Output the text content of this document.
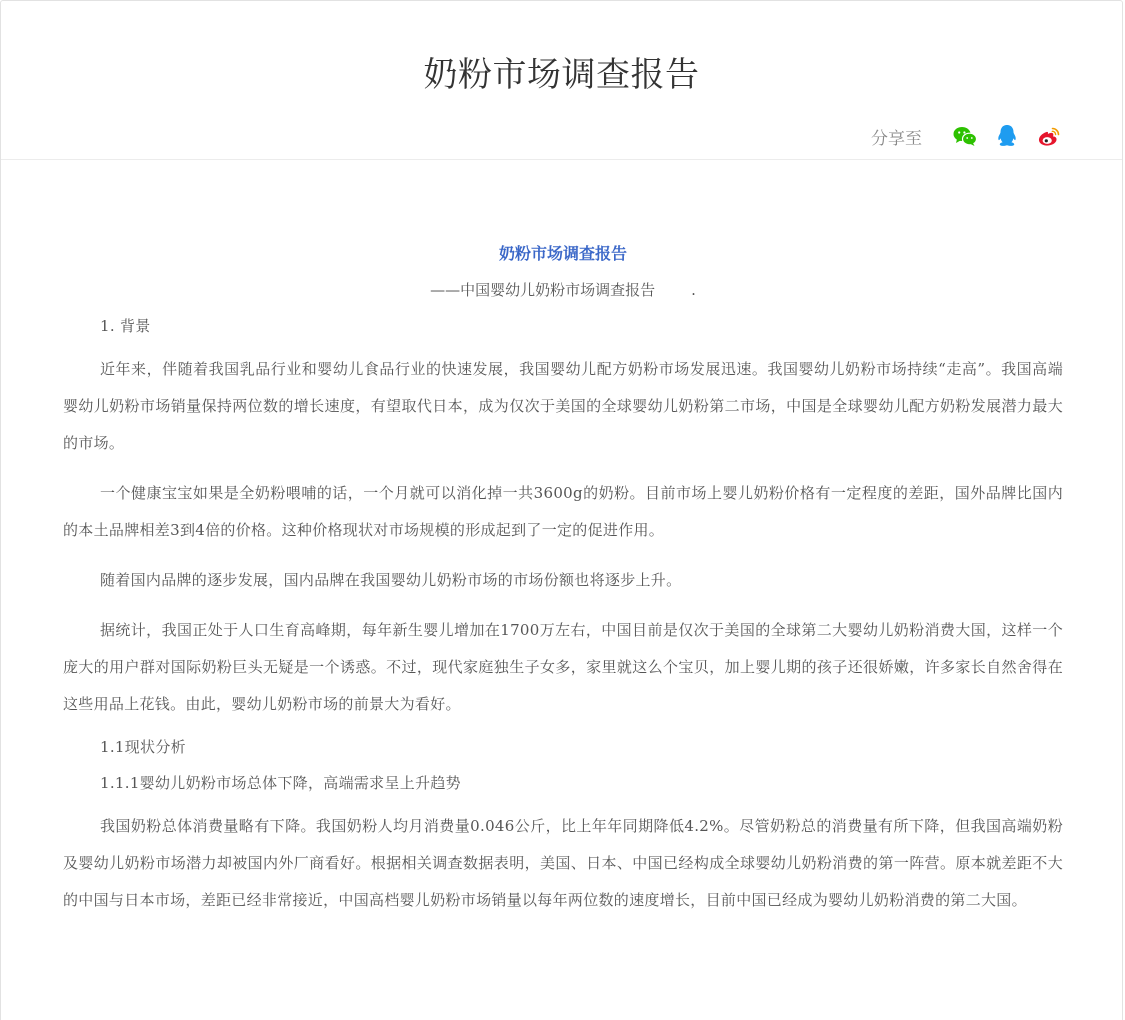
奶粉市场调查报告
分享至
奶粉市场调查报告
——中国婴幼儿奶粉市场调查报告 .

1. 背景

近年来，伴随着我国乳品行业和婴幼儿食品行业的快速发展，我国婴幼儿配方奶粉市场发展迅速。我国婴幼儿奶粉市场持续“走高”。我国高端婴幼儿奶粉市场销量保持两位数的增长速度，有望取代日本，成为仅次于美国的全球婴幼儿奶粉第二市场，中国是全球婴幼儿配方奶粉发展潜力最大的市场。

一个健康宝宝如果是全奶粉喂哺的话，一个月就可以消化掉一共3600g的奶粉。目前市场上婴儿奶粉价格有一定程度的差距，国外品牌比国内的本土品牌相差3到4倍的价格。这种价格现状对市场规模的形成起到了一定的促进作用。

随着国内品牌的逐步发展，国内品牌在我国婴幼儿奶粉市场的市场份额也将逐步上升。

据统计，我国正处于人口生育高峰期，每年新生婴儿增加在1700万左右，中国目前是仅次于美国的全球第二大婴幼儿奶粉消费大国，这样一个庞大的用户群对国际奶粉巨头无疑是一个诱惑。不过，现代家庭独生子女多，家里就这么个宝贝，加上婴儿期的孩子还很娇嫩，许多家长自然舍得在这些用品上花钱。由此，婴幼儿奶粉市场的前景大为看好。

1.1现状分析

1.1.1婴幼儿奶粉市场总体下降，高端需求呈上升趋势

我国奶粉总体消费量略有下降。我国奶粉人均月消费量0.046公斤，比上年年同期降低4.2%。尽管奶粉总的消费量有所下降，但我国高端奶粉及婴幼儿奶粉市场潜力却被国内外厂商看好。根据相关调查数据表明，美国、日本、中国已经构成全球婴幼儿奶粉消费的第一阵营。原本就差距不大的中国与日本市场，差距已经非常接近，中国高档婴儿奶粉市场销量以每年两位数的速度增长，目前中国已经成为婴幼儿奶粉消费的第二大国。
